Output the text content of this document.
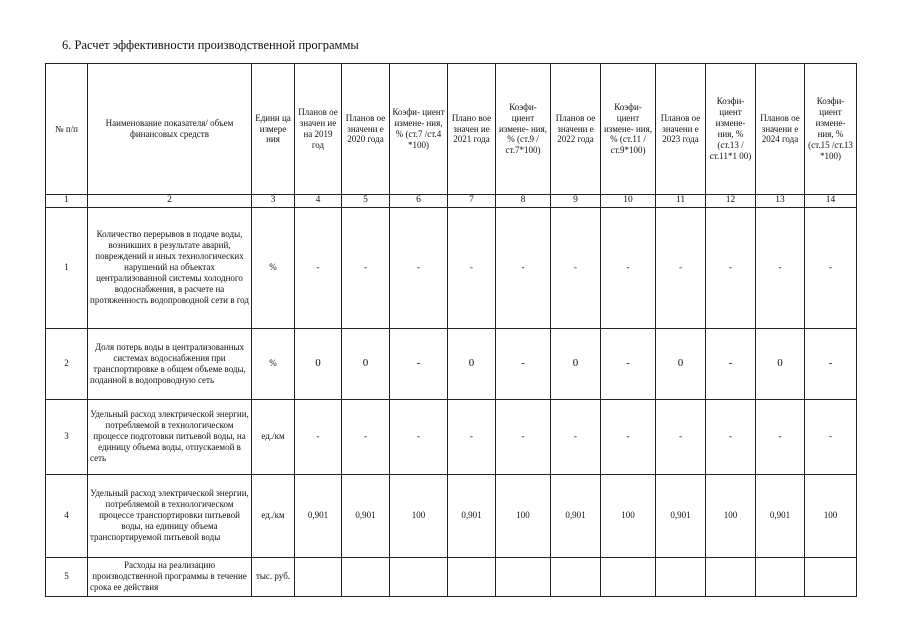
6. Расчет эффективности производственной программы
№ п/п	Наименование показателя/ объем финансовых средств	Едини ца измере ния	Планов ое значен ие на 2019 год	Планов ое значени е 2020 года	Коэфи- циент измене- ния, % (ст.7 /ст.4 *100)	Плано вое значен ие 2021 года	Коэфи- циент измене- ния, % (ст.9 /ст.7*100)	Планов ое значени е 2022 года	Коэфи- циент измене- ния, % (ст.11 /ст.9*100)	Планов ое значени е 2023 года	Коэфи- циент измене- ния, % (ст.13 /ст.11*1 00)	Планов ое значени е 2024 года	Коэфи- циент измене- ния, % (ст.15 /ст.13 *100)
1	2	3	4	5	6	7	8	9	10	11	12	13	14
1	Количество перерывов в подаче воды, возникших в результате аварий, повреждений и иных технологических нарушений на объектах централизованной системы холодного водоснабжения, в расчете на протяженность водопроводной сети в год	%	-	-	-	-	-	-	-	-	-	-	-
2	Доля потерь воды в централизованных системах водоснабжения при транспортировке в общем объеме воды, поданной в водопроводную сеть	%	0	0	-	0	-	0	-	0	-	0	-
3	Удельный расход электрической энергии, потребляемой в технологическом процессе подготовки питьевой воды, на единицу объема воды, отпускаемой в сеть	ед./км	-	-	-	-	-	-	-	-	-	-	-
4	Удельный расход электрической энергии, потребляемой в технологическом процессе транспортировки питьевой воды, на единицу объема транспортируемой питьевой воды	ед./км	0,901	0,901	100	0,901	100	0,901	100	0,901	100	0,901	100
5	Расходы на реализацию производственной программы в течение срока ее действия	тыс. руб.											
